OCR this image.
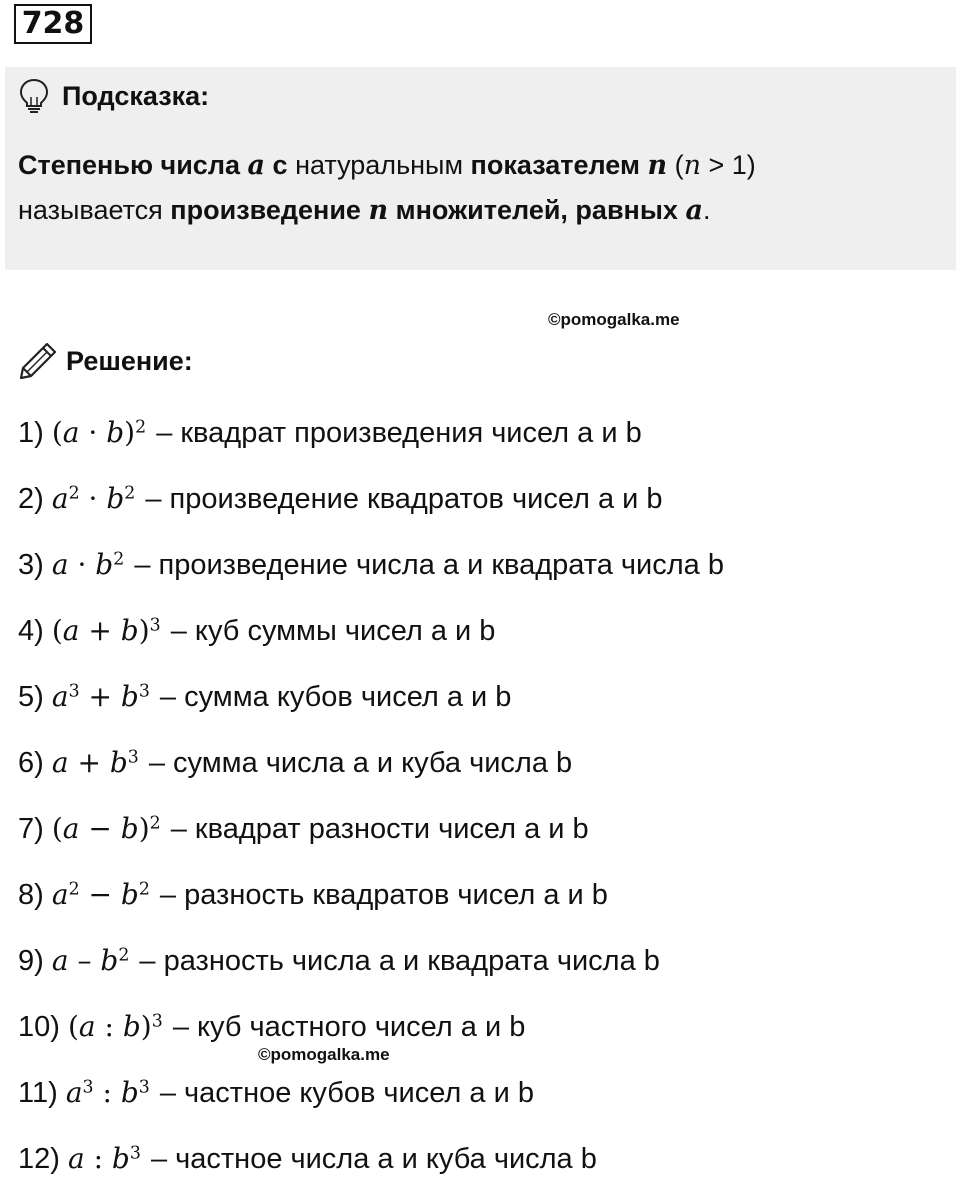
728
Подсказка:
Степенью числа a с натуральным показателем n (n > 1)
называется произведение n множителей, равных a.
©pomogalka.me
Решение:
1) $(a \cdot b)^2$ – квадрат произведения чисел a и b
2) $a^2 \cdot b^2$ – произведение квадратов чисел a и b
3) $a \cdot b^2$ – произведение числа a и квадрата числа b
4) $(a + b)^3$ – куб суммы чисел a и b
5) $a^3 + b^3$ – сумма кубов чисел a и b
6) $a + b^3$ – сумма числа a и куба числа b
7) $(a - b)^2$ – квадрат разности чисел a и b
8) $a^2 - b^2$ – разность квадратов чисел a и b
9) a – $b^2$ – разность числа a и квадрата числа b
10) (a : b)$^3$ – куб частного чисел a и b
©pomogalka.me
11) $a^3$ : $b^3$ – частное кубов чисел a и b
12) a : $b^3$ – частное числа a и куба числа b
